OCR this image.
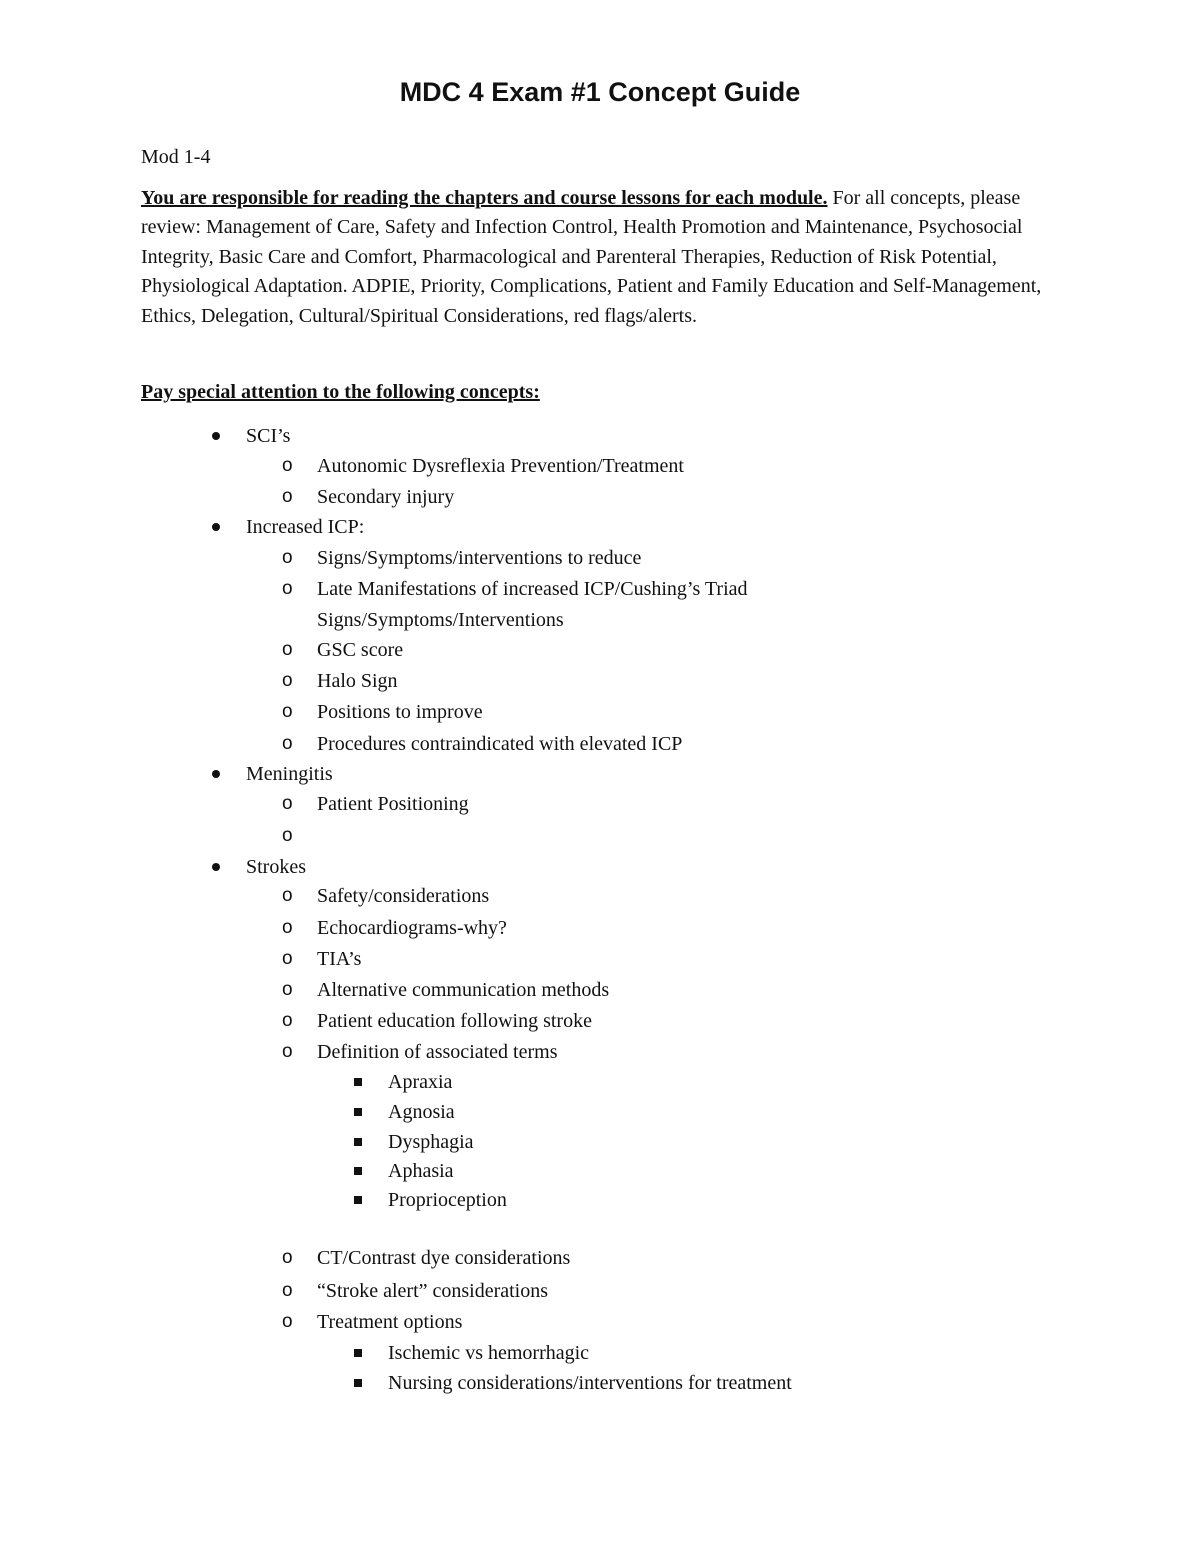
MDC 4 Exam #1 Concept Guide
Mod 1-4
You are responsible for reading the chapters and course lessons for each module. For all concepts, please review: Management of Care, Safety and Infection Control, Health Promotion and Maintenance, Psychosocial Integrity, Basic Care and Comfort, Pharmacological and Parenteral Therapies, Reduction of Risk Potential, Physiological Adaptation. ADPIE, Priority, Complications, Patient and Family Education and Self-Management, Ethics, Delegation, Cultural/Spiritual Considerations, red flags/alerts.
Pay special attention to the following concepts:
SCI’s
o Autonomic Dysreflexia Prevention/Treatment
o Secondary injury
Increased ICP:
o Signs/Symptoms/interventions to reduce
o Late Manifestations of increased ICP/Cushing’s Triad
Signs/Symptoms/Interventions
o GSC score
o Halo Sign
o Positions to improve
o Procedures contraindicated with elevated ICP
Meningitis
o Patient Positioning
o
Strokes
o Safety/considerations
o Echocardiograms-why?
o TIA’s
o Alternative communication methods
o Patient education following stroke
o Definition of associated terms
Apraxia
Agnosia
Dysphagia
Aphasia
Proprioception
o CT/Contrast dye considerations
o “Stroke alert” considerations
o Treatment options
Ischemic vs hemorrhagic
Nursing considerations/interventions for treatment
